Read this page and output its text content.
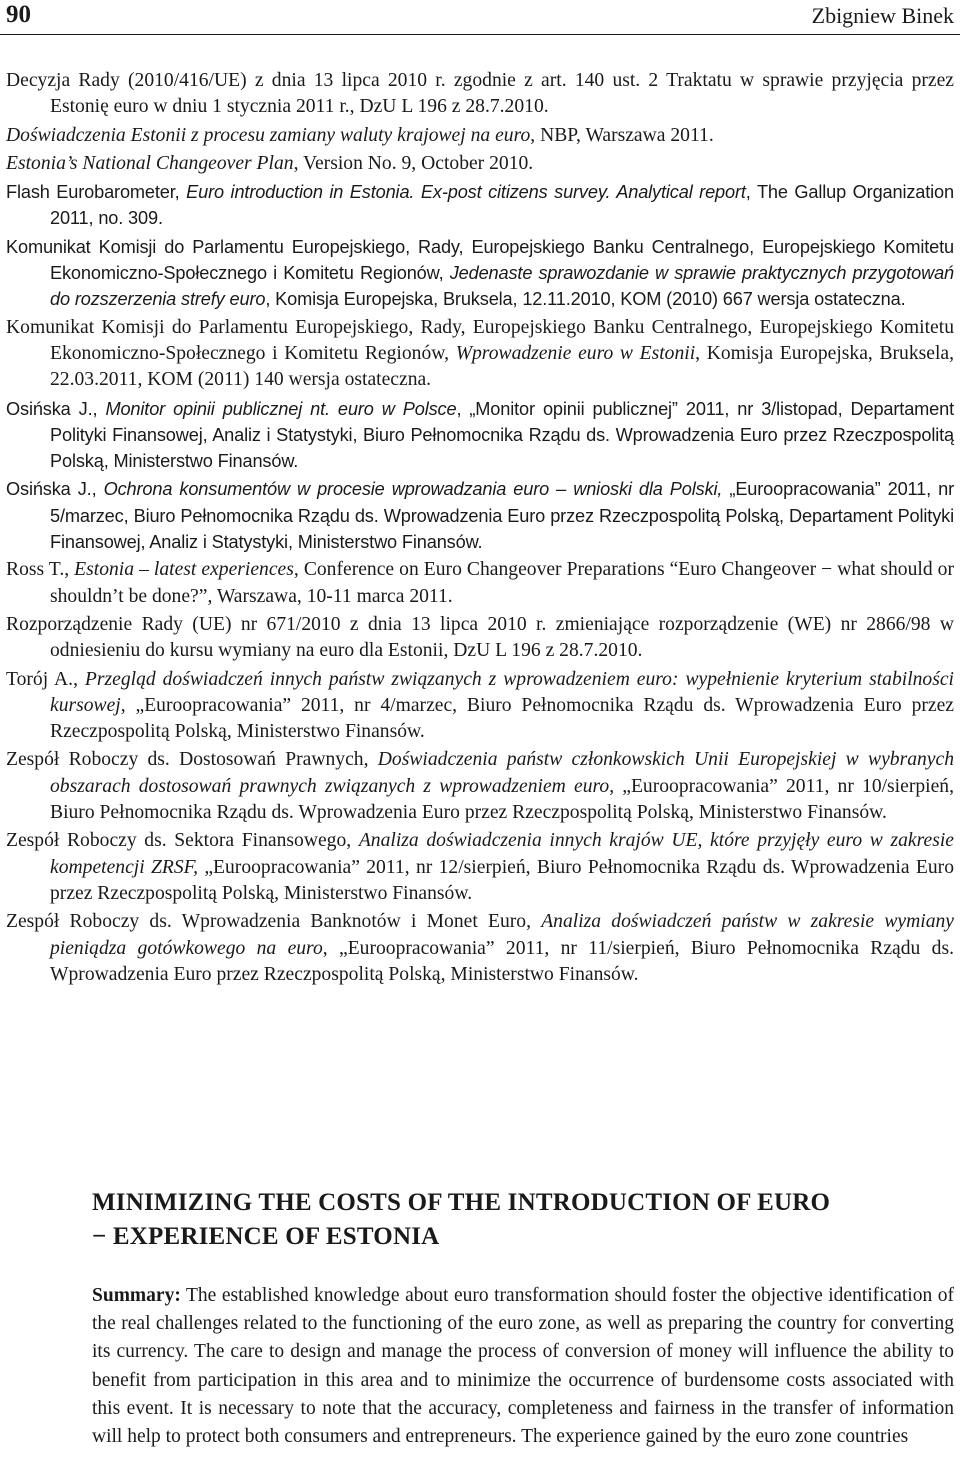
90	Zbigniew Binek
Decyzja Rady (2010/416/UE) z dnia 13 lipca 2010 r. zgodnie z art. 140 ust. 2 Traktatu w sprawie przyjęcia przez Estonię euro w dniu 1 stycznia 2011 r., DzU L 196 z 28.7.2010.
Doświadczenia Estonii z procesu zamiany waluty krajowej na euro, NBP, Warszawa 2011.
Estonia’s National Changeover Plan, Version No. 9, October 2010.
Flash Eurobarometer, Euro introduction in Estonia. Ex-post citizens survey. Analytical report, The Gallup Organization 2011, no. 309.
Komunikat Komisji do Parlamentu Europejskiego, Rady, Europejskiego Banku Centralnego, Europejskiego Komitetu Ekonomiczno-Społecznego i Komitetu Regionów, Jedenaste sprawozdanie w sprawie praktycznych przygotowań do rozszerzenia strefy euro, Komisja Europejska, Bruksela, 12.11.2010, KOM (2010) 667 wersja ostateczna.
Komunikat Komisji do Parlamentu Europejskiego, Rady, Europejskiego Banku Centralnego, Europejskiego Komitetu Ekonomiczno-Społecznego i Komitetu Regionów, Wprowadzenie euro w Estonii, Komisja Europejska, Bruksela, 22.03.2011, KOM (2011) 140 wersja ostateczna.
Osińska J., Monitor opinii publicznej nt. euro w Polsce, „Monitor opinii publicznej” 2011, nr 3/listopad, Departament Polityki Finansowej, Analiz i Statystyki, Biuro Pełnomocnika Rządu ds. Wprowadzenia Euro przez Rzeczpospolitą Polską, Ministerstwo Finansów.
Osińska J., Ochrona konsumentów w procesie wprowadzania euro – wnioski dla Polski, „Euroopracowania” 2011, nr 5/marzec, Biuro Pełnomocnika Rządu ds. Wprowadzenia Euro przez Rzeczpospolitą Polską, Departament Polityki Finansowej, Analiz i Statystyki, Ministerstwo Finansów.
Ross T., Estonia – latest experiences, Conference on Euro Changeover Preparations “Euro Changeover − what should or shouldn’t be done?”, Warszawa, 10-11 marca 2011.
Rozporządzenie Rady (UE) nr 671/2010 z dnia 13 lipca 2010 r. zmieniające rozporządzenie (WE) nr 2866/98 w odniesieniu do kursu wymiany na euro dla Estonii, DzU L 196 z 28.7.2010.
Torój A., Przegląd doświadczeń innych państw związanych z wprowadzeniem euro: wypełnienie kryterium stabilności kursowej, „Euroopracowania” 2011, nr 4/marzec, Biuro Pełnomocnika Rządu ds. Wprowadzenia Euro przez Rzeczpospolitą Polską, Ministerstwo Finansów.
Zespół Roboczy ds. Dostosowań Prawnych, Doświadczenia państw członkowskich Unii Europejskiej w wybranych obszarach dostosowań prawnych związanych z wprowadzeniem euro, „Euroopracowania” 2011, nr 10/sierpień, Biuro Pełnomocnika Rządu ds. Wprowadzenia Euro przez Rzeczpospolitą Polską, Ministerstwo Finansów.
Zespół Roboczy ds. Sektora Finansowego, Analiza doświadczenia innych krajów UE, które przyjęły euro w zakresie kompetencji ZRSF, „Euroopracowania” 2011, nr 12/sierpień, Biuro Pełnomocnika Rządu ds. Wprowadzenia Euro przez Rzeczpospolitą Polską, Ministerstwo Finansów.
Zespół Roboczy ds. Wprowadzenia Banknotów i Monet Euro, Analiza doświadczeń państw w zakresie wymiany pieniądza gotówkowego na euro, „Euroopracowania” 2011, nr 11/sierpień, Biuro Pełnomocnika Rządu ds. Wprowadzenia Euro przez Rzeczpospolitą Polską, Ministerstwo Finansów.
MINIMIZING THE COSTS OF THE INTRODUCTION OF EURO
− EXPERIENCE OF ESTONIA

Summary: The established knowledge about euro transformation should foster the objective identification of the real challenges related to the functioning of the euro zone, as well as preparing the country for converting its currency. The care to design and manage the process of conversion of money will influence the ability to benefit from participation in this area and to minimize the occurrence of burdensome costs associated with this event. It is necessary to note that the accuracy, completeness and fairness in the transfer of information will help to protect both consumers and entrepreneurs. The experience gained by the euro zone countries
